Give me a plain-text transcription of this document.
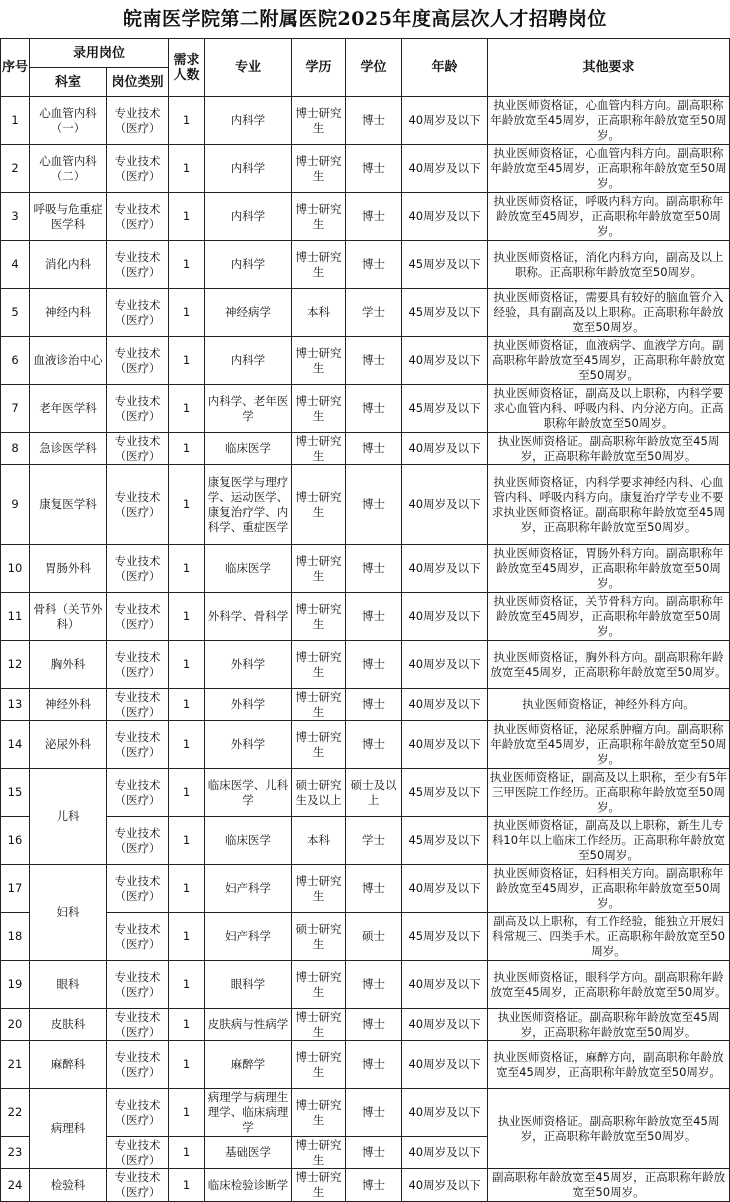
皖南医学院第二附属医院2025年度高层次人才招聘岗位
序号	录用岗位		需求人数	专业	学历	学位	年龄	其他要求
	科室	岗位类别						
1	心血管内科（一）	专业技术（医疗）	1	内科学	博士研究生	博士	40周岁及以下	执业医师资格证，心血管内科方向。副高职称年龄放宽至45周岁，正高职称年龄放宽至50周岁。
2	心血管内科（二）	专业技术（医疗）	1	内科学	博士研究生	博士	40周岁及以下	执业医师资格证，心血管内科方向。副高职称年龄放宽至45周岁，正高职称年龄放宽至50周岁。
3	呼吸与危重症医学科	专业技术（医疗）	1	内科学	博士研究生	博士	40周岁及以下	执业医师资格证，呼吸内科方向。副高职称年龄放宽至45周岁，正高职称年龄放宽至50周岁。
4	消化内科	专业技术（医疗）	1	内科学	博士研究生	博士	45周岁及以下	执业医师资格证，消化内科方向，副高及以上职称。正高职称年龄放宽至50周岁。
5	神经内科	专业技术（医疗）	1	神经病学	本科	学士	45周岁及以下	执业医师资格证，需要具有较好的脑血管介入经验，具有副高及以上职称。正高职称年龄放宽至50周岁。
6	血液诊治中心	专业技术（医疗）	1	内科学	博士研究生	博士	40周岁及以下	执业医师资格证，血液病学、血液学方向。副高职称年龄放宽至45周岁，正高职称年龄放宽至50周岁。
7	老年医学科	专业技术（医疗）	1	内科学、老年医学	博士研究生	博士	45周岁及以下	执业医师资格证，副高及以上职称，内科学要求心血管内科、呼吸内科、内分泌方向。正高职称年龄放宽至50周岁。
8	急诊医学科	专业技术（医疗）	1	临床医学	博士研究生	博士	40周岁及以下	执业医师资格证。副高职称年龄放宽至45周岁，正高职称年龄放宽至50周岁。
9	康复医学科	专业技术（医疗）	1	康复医学与理疗学、运动医学、康复治疗学、内科学、重症医学	博士研究生	博士	40周岁及以下	执业医师资格证，内科学要求神经内科、心血管内科、呼吸内科方向。康复治疗学专业不要求执业医师资格证。副高职称年龄放宽至45周岁，正高职称年龄放宽至50周岁。
10	胃肠外科	专业技术（医疗）	1	临床医学	博士研究生	博士	40周岁及以下	执业医师资格证，胃肠外科方向。副高职称年龄放宽至45周岁，正高职称年龄放宽至50周岁。
11	骨科（关节外科）	专业技术（医疗）	1	外科学、骨科学	博士研究生	博士	40周岁及以下	执业医师资格证，关节骨科方向。副高职称年龄放宽至45周岁，正高职称年龄放宽至50周岁。
12	胸外科	专业技术（医疗）	1	外科学	博士研究生	博士	40周岁及以下	执业医师资格证，胸外科方向。副高职称年龄放宽至45周岁，正高职称年龄放宽至50周岁。
13	神经外科	专业技术（医疗）	1	外科学	博士研究生	博士	40周岁及以下	执业医师资格证，神经外科方向。
14	泌尿外科	专业技术（医疗）	1	外科学	博士研究生	博士	40周岁及以下	执业医师资格证，泌尿系肿瘤方向。副高职称年龄放宽至45周岁，正高职称年龄放宽至50周岁。
15	儿科	专业技术（医疗）	1	临床医学、儿科学	硕士研究生及以上	硕士及以上	45周岁及以下	执业医师资格证，副高及以上职称，至少有5年三甲医院工作经历。正高职称年龄放宽至50周岁。
16		专业技术（医疗）	1	临床医学	本科	学士	45周岁及以下	执业医师资格证，副高及以上职称，新生儿专科10年以上临床工作经历。正高职称年龄放宽至50周岁。
17	妇科	专业技术（医疗）	1	妇产科学	博士研究生	博士	40周岁及以下	执业医师资格证，妇科相关方向。副高职称年龄放宽至45周岁，正高职称年龄放宽至50周岁。
18		专业技术（医疗）	1	妇产科学	硕士研究生	硕士	45周岁及以下	副高及以上职称，有工作经验，能独立开展妇科常规三、四类手术。正高职称年龄放宽至50周岁。
19	眼科	专业技术（医疗）	1	眼科学	博士研究生	博士	40周岁及以下	执业医师资格证，眼科学方向。副高职称年龄放宽至45周岁，正高职称年龄放宽至50周岁。
20	皮肤科	专业技术（医疗）	1	皮肤病与性病学	博士研究生	博士	40周岁及以下	执业医师资格证。副高职称年龄放宽至45周岁，正高职称年龄放宽至50周岁。
21	麻醉科	专业技术（医疗）	1	麻醉学	博士研究生	博士	40周岁及以下	执业医师资格证，麻醉方向，副高职称年龄放宽至45周岁，正高职称年龄放宽至50周岁。
22	病理科	专业技术（医疗）	1	病理学与病理生理学、临床病理学	博士研究生	博士	40周岁及以下	执业医师资格证。副高职称年龄放宽至45周岁，正高职称年龄放宽至50周岁。
23		专业技术（医疗）	1	基础医学	博士研究生	博士	40周岁及以下	
24	检验科	专业技术（医疗）	1	临床检验诊断学	博士研究生	博士	40周岁及以下	副高职称年龄放宽至45周岁，正高职称年龄放宽至50周岁。
